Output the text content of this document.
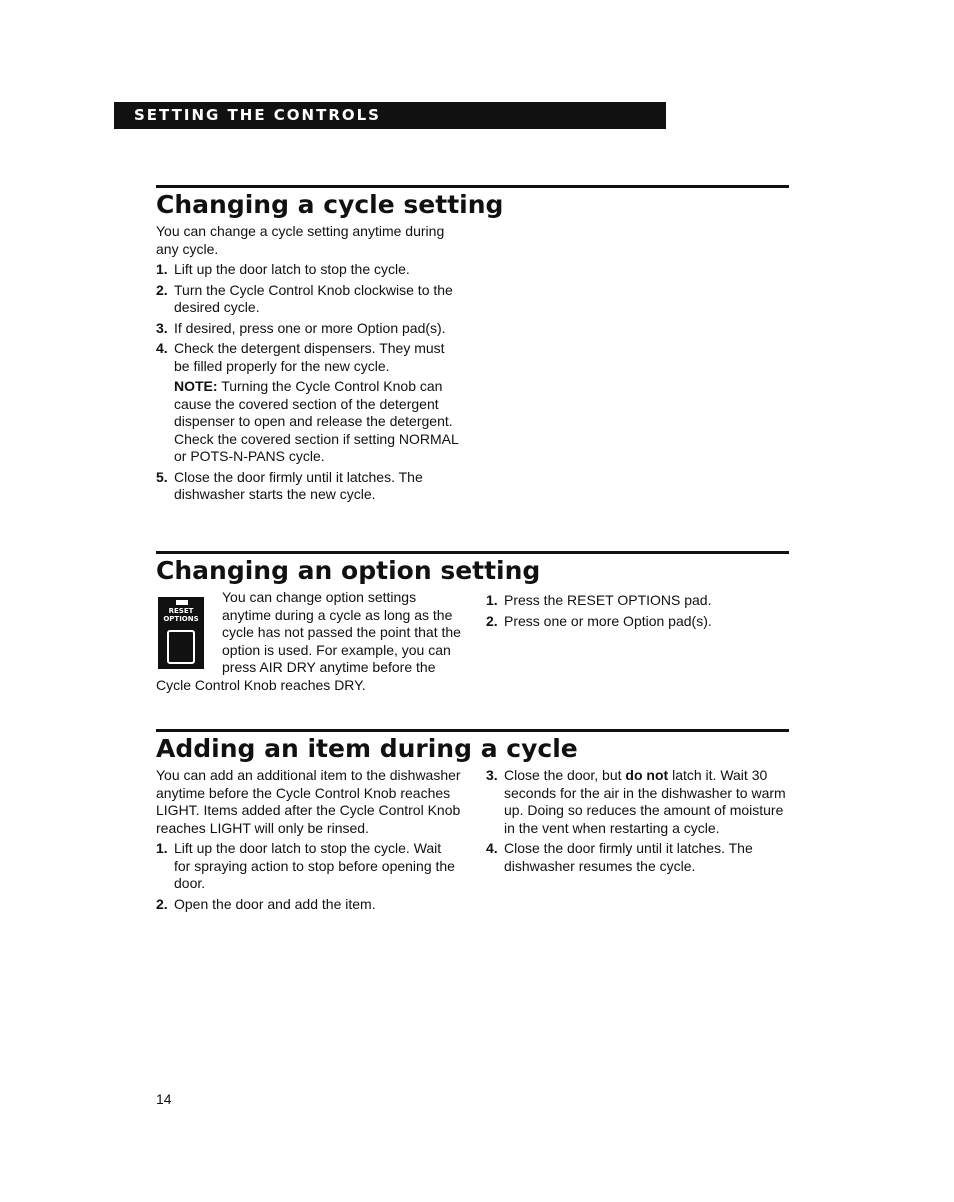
SETTING THE CONTROLS
Changing a cycle setting

You can change a cycle setting anytime during any cycle.

1. Lift up the door latch to stop the cycle.
2. Turn the Cycle Control Knob clockwise to the desired cycle.
3. If desired, press one or more Option pad(s).
4. Check the detergent dispensers. They must be filled properly for the new cycle.
NOTE: Turning the Cycle Control Knob can cause the covered section of the detergent dispenser to open and release the detergent. Check the covered section if setting NORMAL or POTS-N-PANS cycle.
5. Close the door firmly until it latches. The dishwasher starts the new cycle.
Changing an option setting
RESET
OPTIONS

You can change option settings anytime during a cycle as long as the cycle has not passed the point that the option is used. For example, you can press AIR DRY anytime before the Cycle Control Knob reaches DRY.

1. Press the RESET OPTIONS pad.
2. Press one or more Option pad(s).
Adding an item during a cycle

You can add an additional item to the dishwasher anytime before the Cycle Control Knob reaches LIGHT. Items added after the Cycle Control Knob reaches LIGHT will only be rinsed.

1. Lift up the door latch to stop the cycle. Wait for spraying action to stop before opening the door.
2. Open the door and add the item.
3. Close the door, but do not latch it. Wait 30 seconds for the air in the dishwasher to warm up. Doing so reduces the amount of moisture in the vent when restarting a cycle.
4. Close the door firmly until it latches. The dishwasher resumes the cycle.
14
